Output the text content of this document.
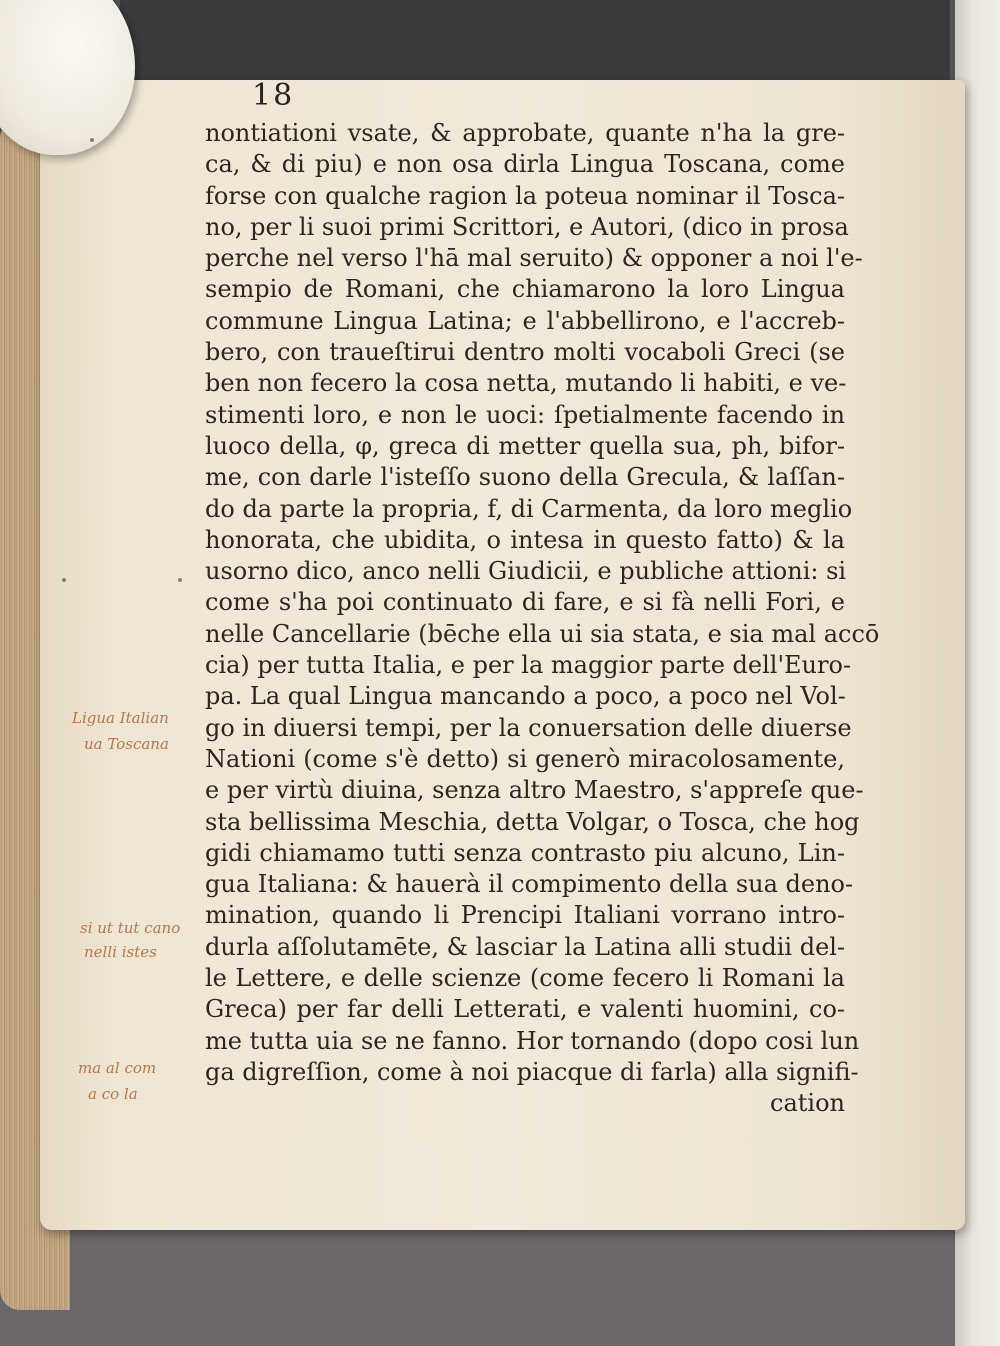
18
nontiationi vsate, & approbate, quante n'ha la gre-
ca, & di piu) e non osa dirla Lingua Toscana, come
forse con qualche ragion la poteua nominar il Tosca-
no, per li suoi primi Scrittori, e Autori, (dico in prosa
perche nel verso l'hā mal seruito) & opponer a noi l'e-
sempio de Romani, che chiamarono la loro Lingua
commune Lingua Latina; e l'abbellirono, e l'accreb-
bero, con traueſtirui dentro molti vocaboli Greci (se
ben non fecero la cosa netta, mutando li habiti, e ve-
stimenti loro, e non le uoci: ſpetialmente facendo in
luoco della, φ, greca di metter quella sua, ph, bifor-
me, con darle l'isteſſo suono della Grecula, & laſſan-
do da parte la propria, f, di Carmenta, da loro meglio
honorata, che ubidita, o intesa in questo fatto) & la
usorno dico, anco nelli Giudicii, e publiche attioni: si
come s'ha poi continuato di fare, e si fà nelli Fori, e
nelle Cancellarie (bēche ella ui sia stata, e sia mal accō
cia) per tutta Italia, e per la maggior parte dell'Euro-
pa. La qual Lingua mancando a poco, a poco nel Vol-
go in diuersi tempi, per la conuersation delle diuerse
Nationi (come s'è detto) si generò miracolosamente,
e per virtù diuina, senza altro Maestro, s'appreſe que-
sta bellissima Meschia, detta Volgar, o Tosca, che hog
gidi chiamamo tutti senza contrasto piu alcuno, Lin-
gua Italiana: & hauerà il compimento della sua deno-
mination, quando li Prencipi Italiani vorrano intro-
durla aſſolutamēte, & lasciar la Latina alli studii del-
le Lettere, e delle scienze (come fecero li Romani la
Greca) per far delli Letterati, e valenti huomini, co-
me tutta uia se ne fanno. Hor tornando (dopo cosi lun
ga digreſſion, come à noi piacque di farla) alla signifi-
cation
Ligua Italian
ua Toscana
si ut tut cano
nelli istes
ma al com
a co la
